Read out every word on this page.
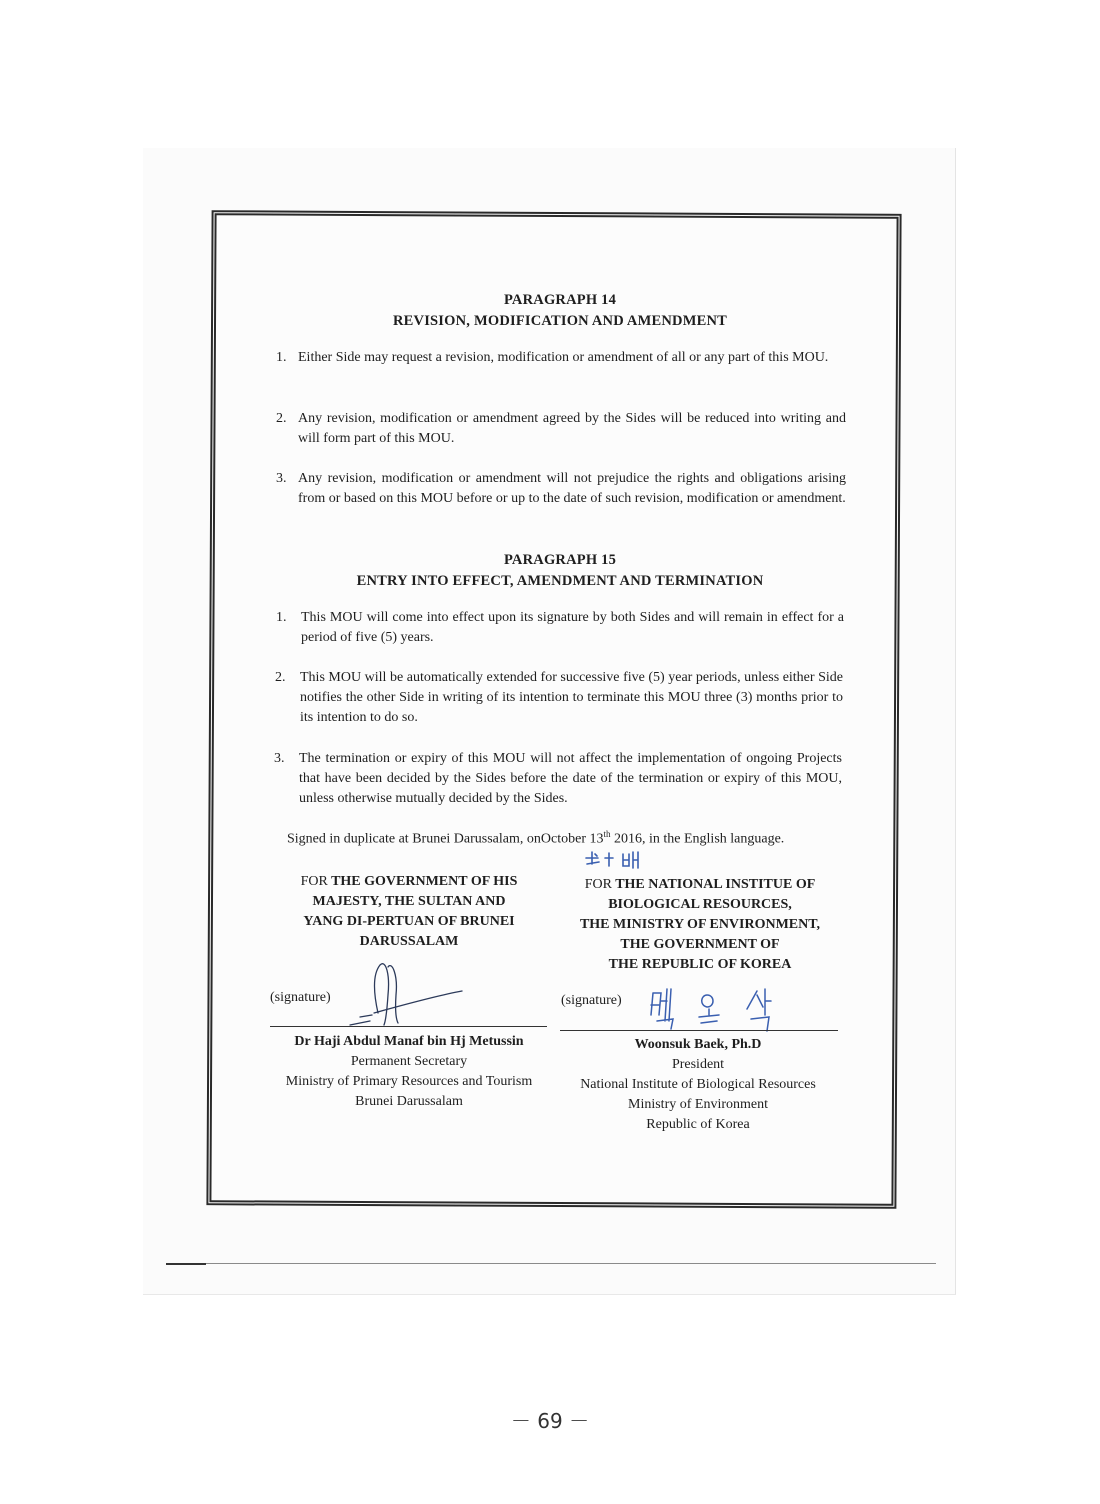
PARAGRAPH 14
REVISION, MODIFICATION AND AMENDMENT
1. Either Side may request a revision, modification or amendment of all or any part of this MOU.
2. Any revision, modification or amendment agreed by the Sides will be reduced into writing and will form part of this MOU.
3. Any revision, modification or amendment will not prejudice the rights and obligations arising from or based on this MOU before or up to the date of such revision, modification or amendment.
PARAGRAPH 15
ENTRY INTO EFFECT, AMENDMENT AND TERMINATION
1. This MOU will come into effect upon its signature by both Sides and will remain in effect for a period of five (5) years.
2. This MOU will be automatically extended for successive five (5) year periods, unless either Side notifies the other Side in writing of its intention to terminate this MOU three (3) months prior to its intention to do so.
3. The termination or expiry of this MOU will not affect the implementation of ongoing Projects that have been decided by the Sides before the date of the termination or expiry of this MOU, unless otherwise mutually decided by the Sides.
Signed in duplicate at Brunei Darussalam, onOctober 13th 2016, in the English language.
FOR THE GOVERNMENT OF HIS
MAJESTY, THE SULTAN AND
YANG DI-PERTUAN OF BRUNEI
DARUSSALAM
FOR THE NATIONAL INSTITUE OF
BIOLOGICAL RESOURCES,
THE MINISTRY OF ENVIRONMENT,
THE GOVERNMENT OF
THE REPUBLIC OF KOREA
(signature)	(signature)
Dr Haji Abdul Manaf bin Hj Metussin
Permanent Secretary
Ministry of Primary Resources and Tourism
Brunei Darussalam
Woonsuk Baek, Ph.D
President
National Institute of Biological Resources
Ministry of Environment
Republic of Korea
－ 69 －
